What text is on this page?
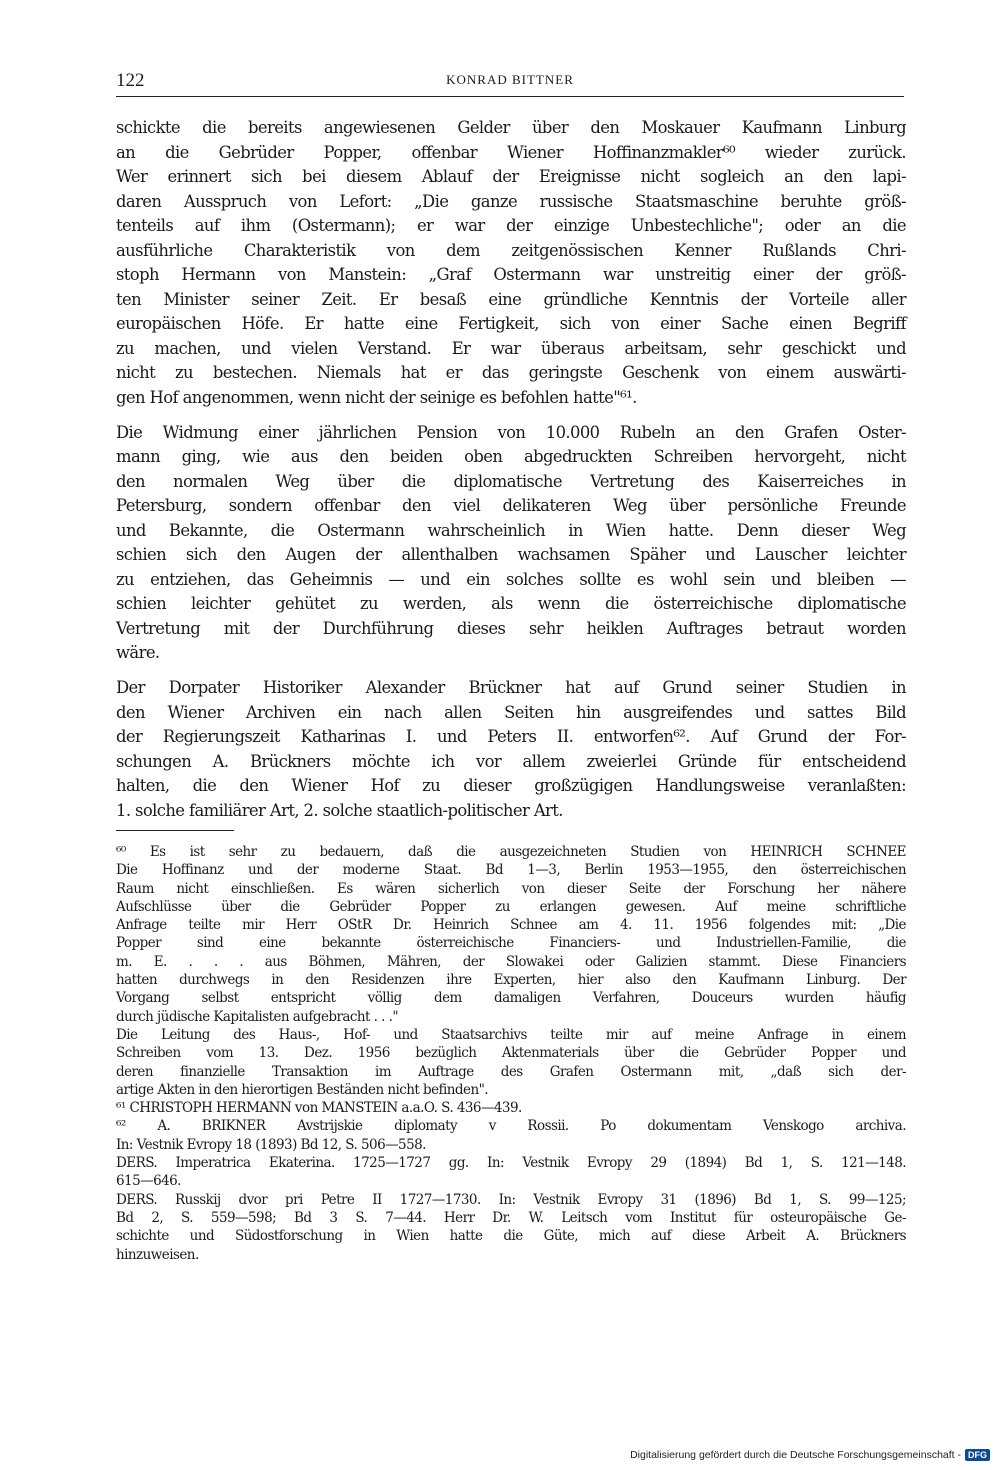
122	KONRAD BITTNER
schickte die bereits angewiesenen Gelder über den Moskauer Kaufmann Linburg
an die Gebrüder Popper, offenbar Wiener Hoffinanzmakler⁶⁰ wieder zurück.
Wer erinnert sich bei diesem Ablauf der Ereignisse nicht sogleich an den lapi-
daren Ausspruch von Lefort: „Die ganze russische Staatsmaschine beruhte größ-
tenteils auf ihm (Ostermann); er war der einzige Unbestechliche"; oder an die
ausführliche Charakteristik von dem zeitgenössischen Kenner Rußlands Chri-
stoph Hermann von Manstein: „Graf Ostermann war unstreitig einer der größ-
ten Minister seiner Zeit. Er besaß eine gründliche Kenntnis der Vorteile aller
europäischen Höfe. Er hatte eine Fertigkeit, sich von einer Sache einen Begriff
zu machen, und vielen Verstand. Er war überaus arbeitsam, sehr geschickt und
nicht zu bestechen. Niemals hat er das geringste Geschenk von einem auswärti-
gen Hof angenommen, wenn nicht der seinige es befohlen hatte"⁶¹.
Die Widmung einer jährlichen Pension von 10.000 Rubeln an den Grafen Oster-
mann ging, wie aus den beiden oben abgedruckten Schreiben hervorgeht, nicht
den normalen Weg über die diplomatische Vertretung des Kaiserreiches in
Petersburg, sondern offenbar den viel delikateren Weg über persönliche Freunde
und Bekannte, die Ostermann wahrscheinlich in Wien hatte. Denn dieser Weg
schien sich den Augen der allenthalben wachsamen Späher und Lauscher leichter
zu entziehen, das Geheimnis — und ein solches sollte es wohl sein und bleiben —
schien leichter gehütet zu werden, als wenn die österreichische diplomatische
Vertretung mit der Durchführung dieses sehr heiklen Auftrages betraut worden
wäre.
Der Dorpater Historiker Alexander Brückner hat auf Grund seiner Studien in
den Wiener Archiven ein nach allen Seiten hin ausgreifendes und sattes Bild
der Regierungszeit Katharinas I. und Peters II. entworfen⁶². Auf Grund der For-
schungen A. Brückners möchte ich vor allem zweierlei Gründe für entscheidend
halten, die den Wiener Hof zu dieser großzügigen Handlungsweise veranlaßten:
1. solche familiärer Art, 2. solche staatlich-politischer Art.
⁶⁰ Es ist sehr zu bedauern, daß die ausgezeichneten Studien von HEINRICH SCHNEE
Die Hoffinanz und der moderne Staat. Bd 1—3, Berlin 1953—1955, den österreichischen
Raum nicht einschließen. Es wären sicherlich von dieser Seite der Forschung her nähere
Aufschlüsse über die Gebrüder Popper zu erlangen gewesen. Auf meine schriftliche
Anfrage teilte mir Herr OStR Dr. Heinrich Schnee am 4. 11. 1956 folgendes mit: „Die
Popper sind eine bekannte österreichische Financiers- und Industriellen-Familie, die
m. E. . . . aus Böhmen, Mähren, der Slowakei oder Galizien stammt. Diese Financiers
hatten durchwegs in den Residenzen ihre Experten, hier also den Kaufmann Linburg. Der
Vorgang selbst entspricht völlig dem damaligen Verfahren, Douceurs wurden häufig
durch jüdische Kapitalisten aufgebracht . . ."
Die Leitung des Haus-, Hof- und Staatsarchivs teilte mir auf meine Anfrage in einem
Schreiben vom 13. Dez. 1956 bezüglich Aktenmaterials über die Gebrüder Popper und
deren finanzielle Transaktion im Auftrage des Grafen Ostermann mit, „daß sich der-
artige Akten in den hierortigen Beständen nicht befinden".
⁶¹ CHRISTOPH HERMANN von MANSTEIN a.a.O. S. 436—439.
⁶² A. BRIKNER Avstrijskie diplomaty v Rossii. Po dokumentam Venskogo archiva.
In: Vestnik Evropy 18 (1893) Bd 12, S. 506—558.
DERS. Imperatrica Ekaterina. 1725—1727 gg. In: Vestnik Evropy 29 (1894) Bd 1, S. 121—148.
615—646.
DERS. Russkij dvor pri Petre II 1727—1730. In: Vestnik Evropy 31 (1896) Bd 1, S. 99—125;
Bd 2, S. 559—598; Bd 3 S. 7—44. Herr Dr. W. Leitsch vom Institut für osteuropäische Ge-
schichte und Südostforschung in Wien hatte die Güte, mich auf diese Arbeit A. Brückners
hinzuweisen.
Digitalisierung gefördert durch die Deutsche Forschungsgemeinschaft - DFG
